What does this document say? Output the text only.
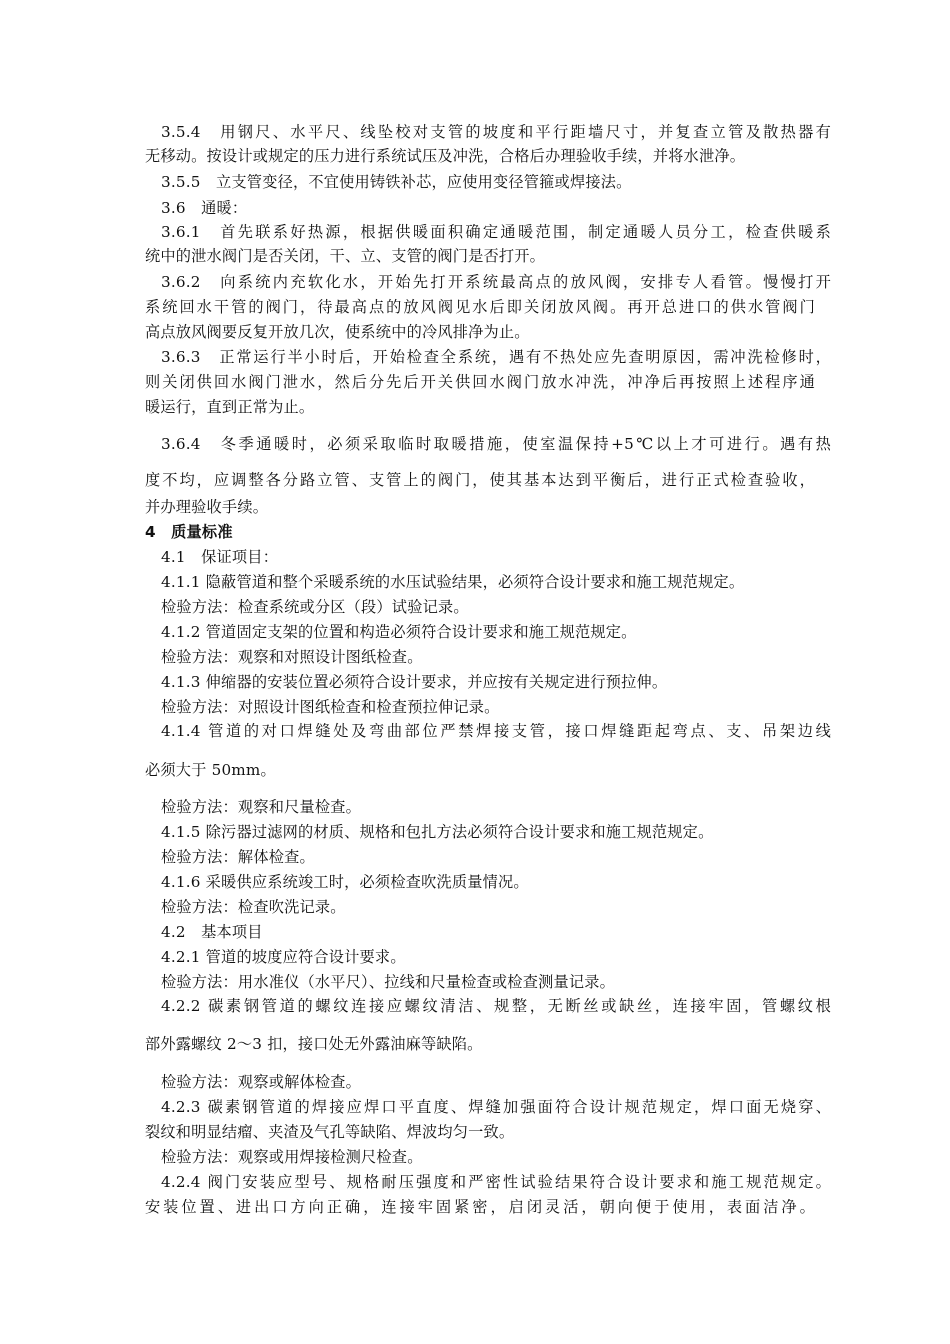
3.5.4　用钢尺、水平尺、线坠校对支管的坡度和平行距墙尺寸，并复查立管及散热器有
无移动。按设计或规定的压力进行系统试压及冲洗，合格后办理验收手续，并将水泄净。
3.5.5　立支管变径，不宜使用铸铁补芯，应使用变径管箍或焊接法。
3.6　通暖：
3.6.1　首先联系好热源，根据供暖面积确定通暖范围，制定通暖人员分工，检查供暖系
统中的泄水阀门是否关闭，干、立、支管的阀门是否打开。
3.6.2　向系统内充软化水，开始先打开系统最高点的放风阀，安排专人看管。慢慢打开
系统回水干管的阀门，待最高点的放风阀见水后即关闭放风阀。再开总进口的供水管阀门
高点放风阀要反复开放几次，使系统中的冷风排净为止。
3.6.3　正常运行半小时后，开始检查全系统，遇有不热处应先查明原因，需冲洗检修时，
则关闭供回水阀门泄水，然后分先后开关供回水阀门放水冲洗，冲净后再按照上述程序通
暖运行，直到正常为止。
3.6.4　冬季通暖时，必须采取临时取暖措施，使室温保持+5℃以上才可进行。遇有热
度不均，应调整各分路立管、支管上的阀门，使其基本达到平衡后，进行正式检查验收，
并办理验收手续。
4　质量标准
4.1　保证项目：
4.1.1 隐蔽管道和整个采暖系统的水压试验结果，必须符合设计要求和施工规范规定。
检验方法：检查系统或分区（段）试验记录。
4.1.2 管道固定支架的位置和构造必须符合设计要求和施工规范规定。
检验方法：观察和对照设计图纸检查。
4.1.3 伸缩器的安装位置必须符合设计要求，并应按有关规定进行预拉伸。
检验方法：对照设计图纸检查和检查预拉伸记录。
4.1.4 管道的对口焊缝处及弯曲部位严禁焊接支管，接口焊缝距起弯点、支、吊架边线
必须大于 50mm。
检验方法：观察和尺量检查。
4.1.5 除污器过滤网的材质、规格和包扎方法必须符合设计要求和施工规范规定。
检验方法：解体检查。
4.1.6 采暖供应系统竣工时，必须检查吹洗质量情况。
检验方法：检查吹洗记录。
4.2　基本项目
4.2.1 管道的坡度应符合设计要求。
检验方法：用水准仪（水平尺）、拉线和尺量检查或检查测量记录。
4.2.2 碳素钢管道的螺纹连接应螺纹清洁、规整，无断丝或缺丝，连接牢固，管螺纹根
部外露螺纹 2～3 扣，接口处无外露油麻等缺陷。
检验方法：观察或解体检查。
4.2.3 碳素钢管道的焊接应焊口平直度、焊缝加强面符合设计规范规定，焊口面无烧穿、
裂纹和明显结瘤、夹渣及气孔等缺陷、焊波均匀一致。
检验方法：观察或用焊接检测尺检查。
4.2.4 阀门安装应型号、规格耐压强度和严密性试验结果符合设计要求和施工规范规定。
安装位置、进出口方向正确，连接牢固紧密，启闭灵活，朝向便于使用，表面洁净。
